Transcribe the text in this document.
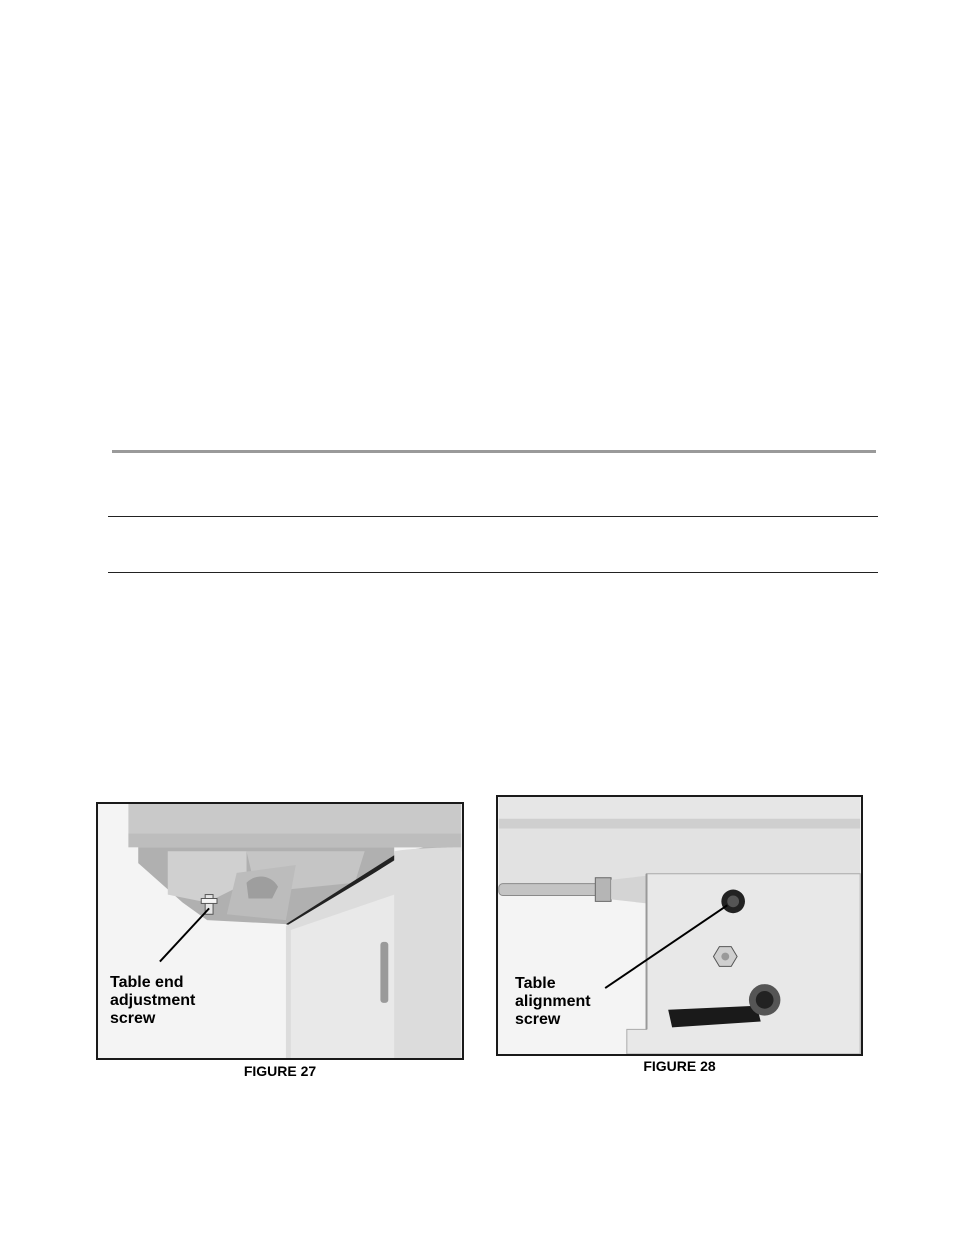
Table end
adjustment
screw
FIGURE 27
Table
alignment
screw
FIGURE 28
